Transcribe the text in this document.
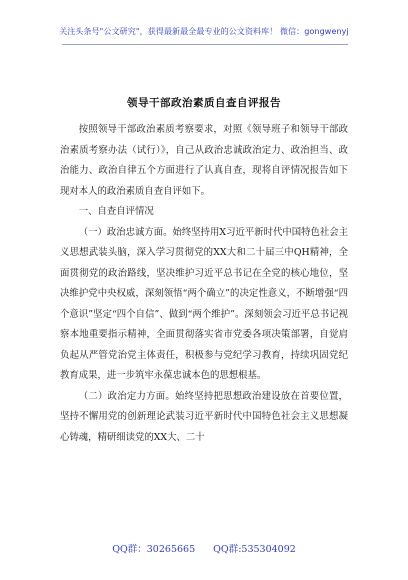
关注头条号"公文研究"，获得最新最全最专业的公文资料库！ 微信：gongwenyj
领导干部政治素质自查自评报告

按照领导干部政治素质考察要求，对照《领导班子和领导干部政治素质考察办法（试行）》，自己从政治忠诚政治定力、政治担当、政治能力、政治自律五个方面进行了认真自查，现将自评情况报告如下现对本人的政治素质自查自评如下。

一、自查自评情况

（一）政治忠诚方面。始终坚持用X习近平新时代中国特色社会主义思想武装头脑，深入学习贯彻党的XX大和二十届三中QH精神，全面贯彻党的政治路线，坚决维护习近平总书记在全党的核心地位，坚决维护党中央权威，深刻领悟“两个确立”的决定性意义，不断增强“四个意识”坚定“四个自信”、做到“两个维护”。深刻领会习近平总书记视察本地重要指示精神，全面贯彻落实省市党委各项决策部署，自觉肩负起从严管党治党主体责任，积极参与党纪学习教育，持续巩固党纪教育成果，进一步筑牢永葆忠诚本色的思想根基。

（二）政治定力方面。始终坚持把思想政治建设放在首要位置，坚持不懈用党的创新理论武装习近平新时代中国特色社会主义思想凝心铸魂，精研细读党的XX大、二十

QQ群：30265665 QQ群:535304092
